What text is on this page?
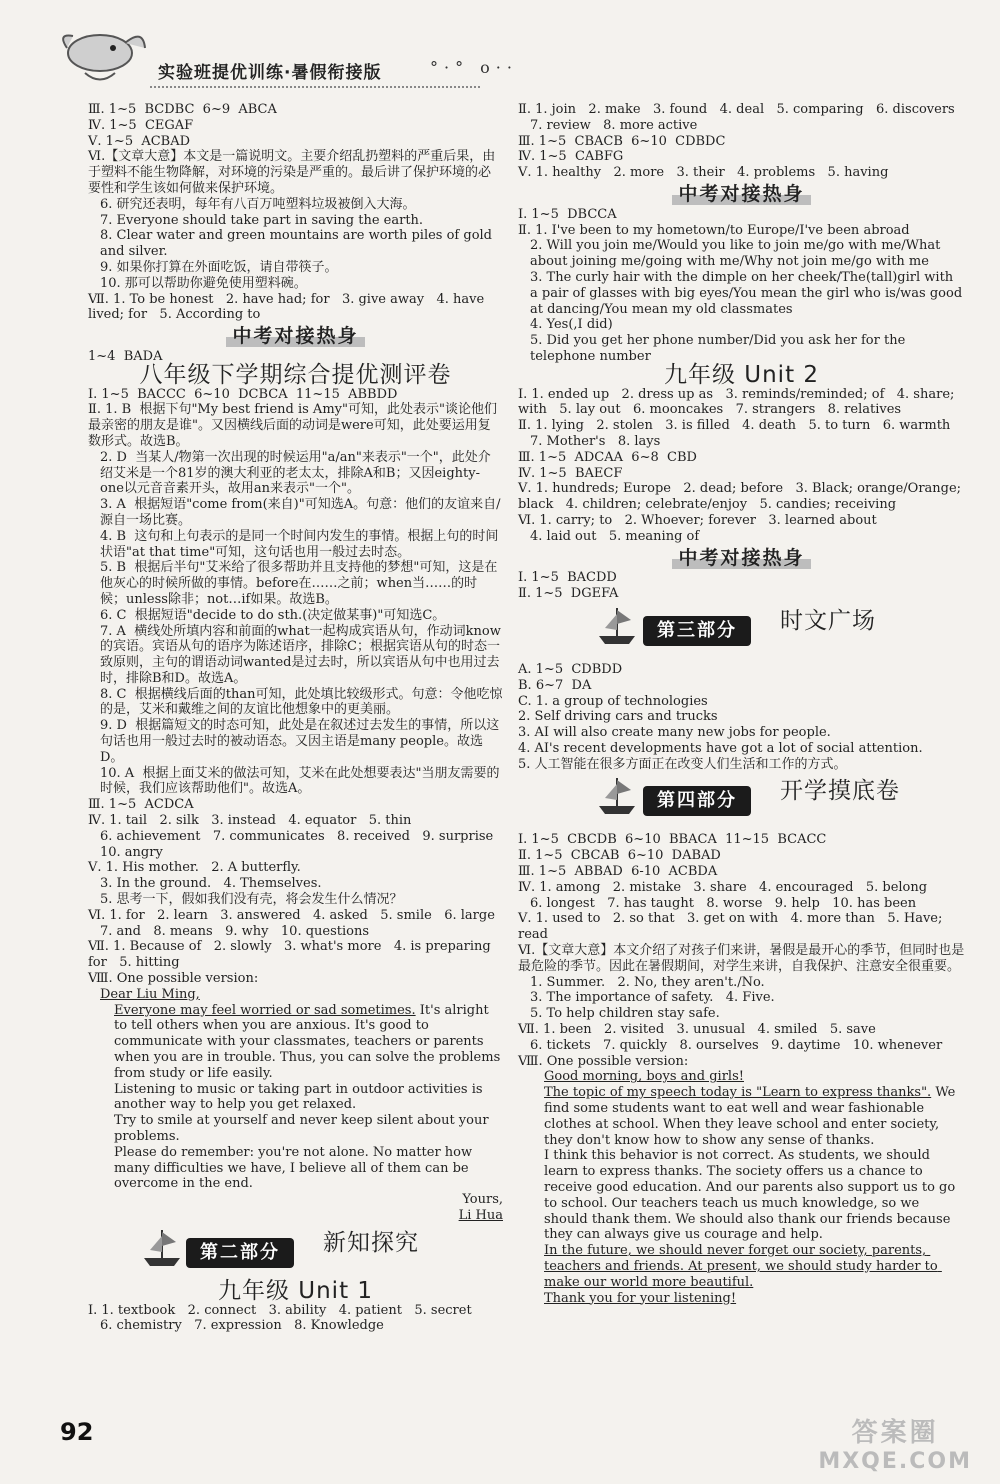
实验班提优训练·暑假衔接版	°·° o··

Ⅲ. 1~5  BCDBC  6~9  ABCA

Ⅳ. 1~5  CEGAF

Ⅴ. 1~5  ACBAD

Ⅵ.【文章大意】本文是一篇说明文。主要介绍乱扔塑料的严重后果，由于塑料不能生物降解，对环境的污染是严重的。最后讲了保护环境的必要性和学生该如何做来保护环境。

6. 研究还表明，每年有八百万吨塑料垃圾被倒入大海。

7. Everyone should take part in saving the earth.

8. Clear water and green mountains are worth piles of gold and silver.

9. 如果你打算在外面吃饭，请自带筷子。

10. 那可以帮助你避免使用塑料碗。

Ⅶ. 1. To be honest   2. have had; for   3. give away   4. have lived; for   5. According to

中考对接热身

1~4  BADA

八年级下学期综合提优测评卷

Ⅰ. 1~5  BACCC  6~10  DCBCA  11~15  ABBDD

Ⅱ. 1. B  根据下句"My best friend is Amy"可知，此处表示"谈论他们最亲密的朋友是谁"。又因横线后面的动词是were可知，此处要运用复数形式。故选B。

2. D  当某人/物第一次出现的时候运用"a/an"来表示"一个"，此处介绍艾米是一个81岁的澳大利亚的老太太，排除A和B；又因eighty-one以元音音素开头，故用an来表示"一个"。

3. A  根据短语"come from(来自)"可知选A。句意：他们的友谊来自/源自一场比赛。

4. B  这句和上句表示的是同一个时间内发生的事情。根据上句的时间状语"at that time"可知，这句话也用一般过去时态。

5. B  根据后半句"艾米给了很多帮助并且支持他的梦想"可知，这是在他灰心的时候所做的事情。before在……之前；when当……的时候；unless除非；not…if如果。故选B。

6. C  根据短语"decide to do sth.(决定做某事)"可知选C。

7. A  横线处所填内容和前面的what一起构成宾语从句，作动词know的宾语。宾语从句的语序为陈述语序，排除C；根据宾语从句的时态一致原则，主句的谓语动词wanted是过去时，所以宾语从句中也用过去时，排除B和D。故选A。

8. C  根据横线后面的than可知，此处填比较级形式。句意：令他吃惊的是，艾米和戴维之间的友谊比他想象中的更美丽。

9. D  根据篇短文的时态可知，此处是在叙述过去发生的事情，所以这句话也用一般过去时的被动语态。又因主语是many people。故选D。

10. A  根据上面艾米的做法可知，艾米在此处想要表达"当朋友需要的时候，我们应该帮助他们"。故选A。

Ⅲ. 1~5  ACDCA

Ⅳ. 1. tail   2. silk   3. instead   4. equator   5. thin

6. achievement   7. communicates   8. received   9. surprise   10. angry

Ⅴ. 1. His mother.   2. A butterfly.

3. In the ground.   4. Themselves.

5. 思考一下，假如我们没有壳，将会发生什么情况？

Ⅵ. 1. for   2. learn   3. answered   4. asked   5. smile   6. large

7. and   8. means   9. why   10. questions

Ⅶ. 1. Because of   2. slowly   3. what's more   4. is preparing for   5. hitting

Ⅷ. One possible version:

Dear Liu Ming,

Everyone may feel worried or sad sometimes. It's alright to tell others when you are anxious. It's good to communicate with your classmates, teachers or parents when you are in trouble. Thus, you can solve the problems from study or life easily.

Listening to music or taking part in outdoor activities is another way to help you get relaxed.

Try to smile at yourself and never keep silent about your problems.

Please do remember: you're not alone. No matter how many difficulties we have, I believe all of them can be overcome in the end.

Yours,

Li Hua

第二部分	新知探究
九年级 Unit 1

Ⅰ. 1. textbook   2. connect   3. ability   4. patient   5. secret

6. chemistry   7. expression   8. Knowledge

Ⅱ. 1. join   2. make   3. found   4. deal   5. comparing   6. discovers

7. review   8. more active

Ⅲ. 1~5  CBACB  6~10  CDBDC

Ⅳ. 1~5  CABFG

Ⅴ. 1. healthy   2. more   3. their   4. problems   5. having

中考对接热身

Ⅰ. 1~5  DBCCA

Ⅱ. 1. I've been to my hometown/to Europe/I've been abroad

2. Will you join me/Would you like to join me/go with me/What about joining me/going with me/Why not join me/go with me

3. The curly hair with the dimple on her cheek/The(tall)girl with a pair of glasses with big eyes/You mean the girl who is/was good at dancing/You mean my old classmates

4. Yes(,I did)

5. Did you get her phone number/Did you ask her for the telephone number

九年级 Unit 2

Ⅰ. 1. ended up   2. dress up as   3. reminds/reminded; of   4. share; with   5. lay out   6. mooncakes   7. strangers   8. relatives

Ⅱ. 1. lying   2. stolen   3. is filled   4. death   5. to turn   6. warmth

7. Mother's   8. lays

Ⅲ. 1~5  ADCAA  6~8  CBD

Ⅳ. 1~5  BAECF

Ⅴ. 1. hundreds; Europe   2. dead; before   3. Black; orange/Orange; black   4. children; celebrate/enjoy   5. candies; receiving

Ⅵ. 1. carry; to   2. Whoever; forever   3. learned about

4. laid out   5. meaning of

中考对接热身

Ⅰ. 1~5  BACDD

Ⅱ. 1~5  DGEFA

第三部分	时文广场

A. 1~5  CDBDD

B. 6~7  DA

C. 1. a group of technologies

2. Self driving cars and trucks

3. AI will also create many new jobs for people.

4. AI's recent developments have got a lot of social attention.

5. 人工智能在很多方面正在改变人们生活和工作的方式。

第四部分	开学摸底卷

Ⅰ. 1~5  CBCDB  6~10  BBACA  11~15  BCACC

Ⅱ. 1~5  CBCAB  6~10  DABAD

Ⅲ. 1~5  ABBAD  6-10  ACBDA

Ⅳ. 1. among   2. mistake   3. share   4. encouraged   5. belong

6. longest   7. has taught   8. worse   9. help   10. has been

Ⅴ. 1. used to   2. so that   3. get on with   4. more than   5. Have; read

Ⅵ.【文章大意】本文介绍了对孩子们来讲，暑假是最开心的季节，但同时也是最危险的季节。因此在暑假期间，对学生来讲，自我保护、注意安全很重要。

1. Summer.   2. No, they aren't./No.

3. The importance of safety.   4. Five.

5. To help children stay safe.

Ⅶ. 1. been   2. visited   3. unusual   4. smiled   5. save

6. tickets   7. quickly   8. ourselves   9. daytime   10. whenever

Ⅷ. One possible version:

Good morning, boys and girls!

The topic of my speech today is "Learn to express thanks". We find some students want to eat well and wear fashionable clothes at school. When they leave school and enter society, they don't know how to show any sense of thanks.

I think this behavior is not correct. As students, we should learn to express thanks. The society offers us a chance to receive good education. And our parents also support us to go to school. Our teachers teach us much knowledge, so we should thank them. We should also thank our friends because they can always give us courage and help.

In the future, we should never forget our society, parents, teachers and friends. At present, we should study harder to make our world more beautiful.

Thank you for your listening!

92	答案圈
MXQE.COM
